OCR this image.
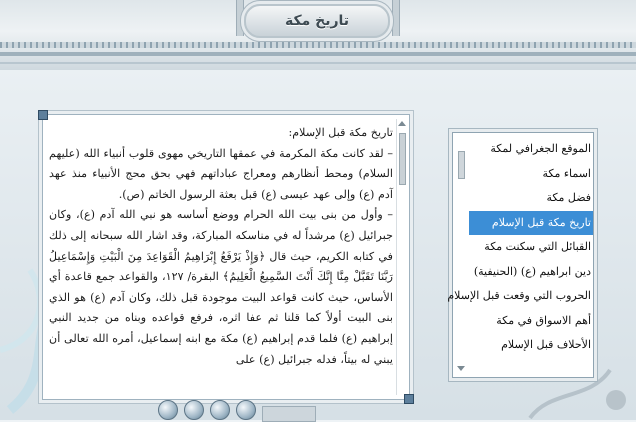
تاريخ مكة

تاريخ مكة قبل الإسلام:

– لقد كانت مكة المكرمة في عمقها التاريخي مهوى قلوب أنبياء الله (عليهم السلام) ومحط أنظارهم ومعراج عباداتهم فهي بحق محج الأنبياء منذ عهد آدم (ع) وإلى عهد عيسى (ع) قبل بعثة الرسول الخاتم (ص).

– وأول من بنى بيت الله الحرام ووضع أساسه هو نبي الله آدم (ع)، وكان جبرائيل (ع) مرشداً له في مناسكه المباركة، وقد اشار الله سبحانه إلى ذلك في كتابه الكريم، حيث قال ﴿وَإِذْ يَرْفَعُ إِبْرَاهِيمُ الْقَوَاعِدَ مِنَ الْبَيْتِ وَإِسْمَاعِيلُ رَبَّنَا تَقَبَّلْ مِنَّا إِنَّكَ أَنْتَ السَّمِيعُ الْعَلِيمُ﴾ البقرة/ ١٢٧، والقواعد جمع قاعدة أي الأساس، حيث كانت قواعد البيت موجودة قبل ذلك، وكان آدم (ع) هو الذي بنى البيت أولاً كما قلنا ثم عفا اثره، فرفع قواعده وبناه من جديد النبي إبراهيم (ع) فلما قدم إبراهيم (ع) مكة مع ابنه إسماعيل، أمره الله تعالى أن يبني له بيتاً، فدله جبرائيل (ع) على

الموقع الجغرافي لمكة
اسماء مكة
فضل مكة
تاريخ مكة قبل الإسلام
القبائل التي سكنت مكة
دين ابراهيم (ع) (الحنيفية)
الحروب التي وقعت قبل الإسلام
أهم الاسواق في مكة
الأحلاف قبل الإسلام
